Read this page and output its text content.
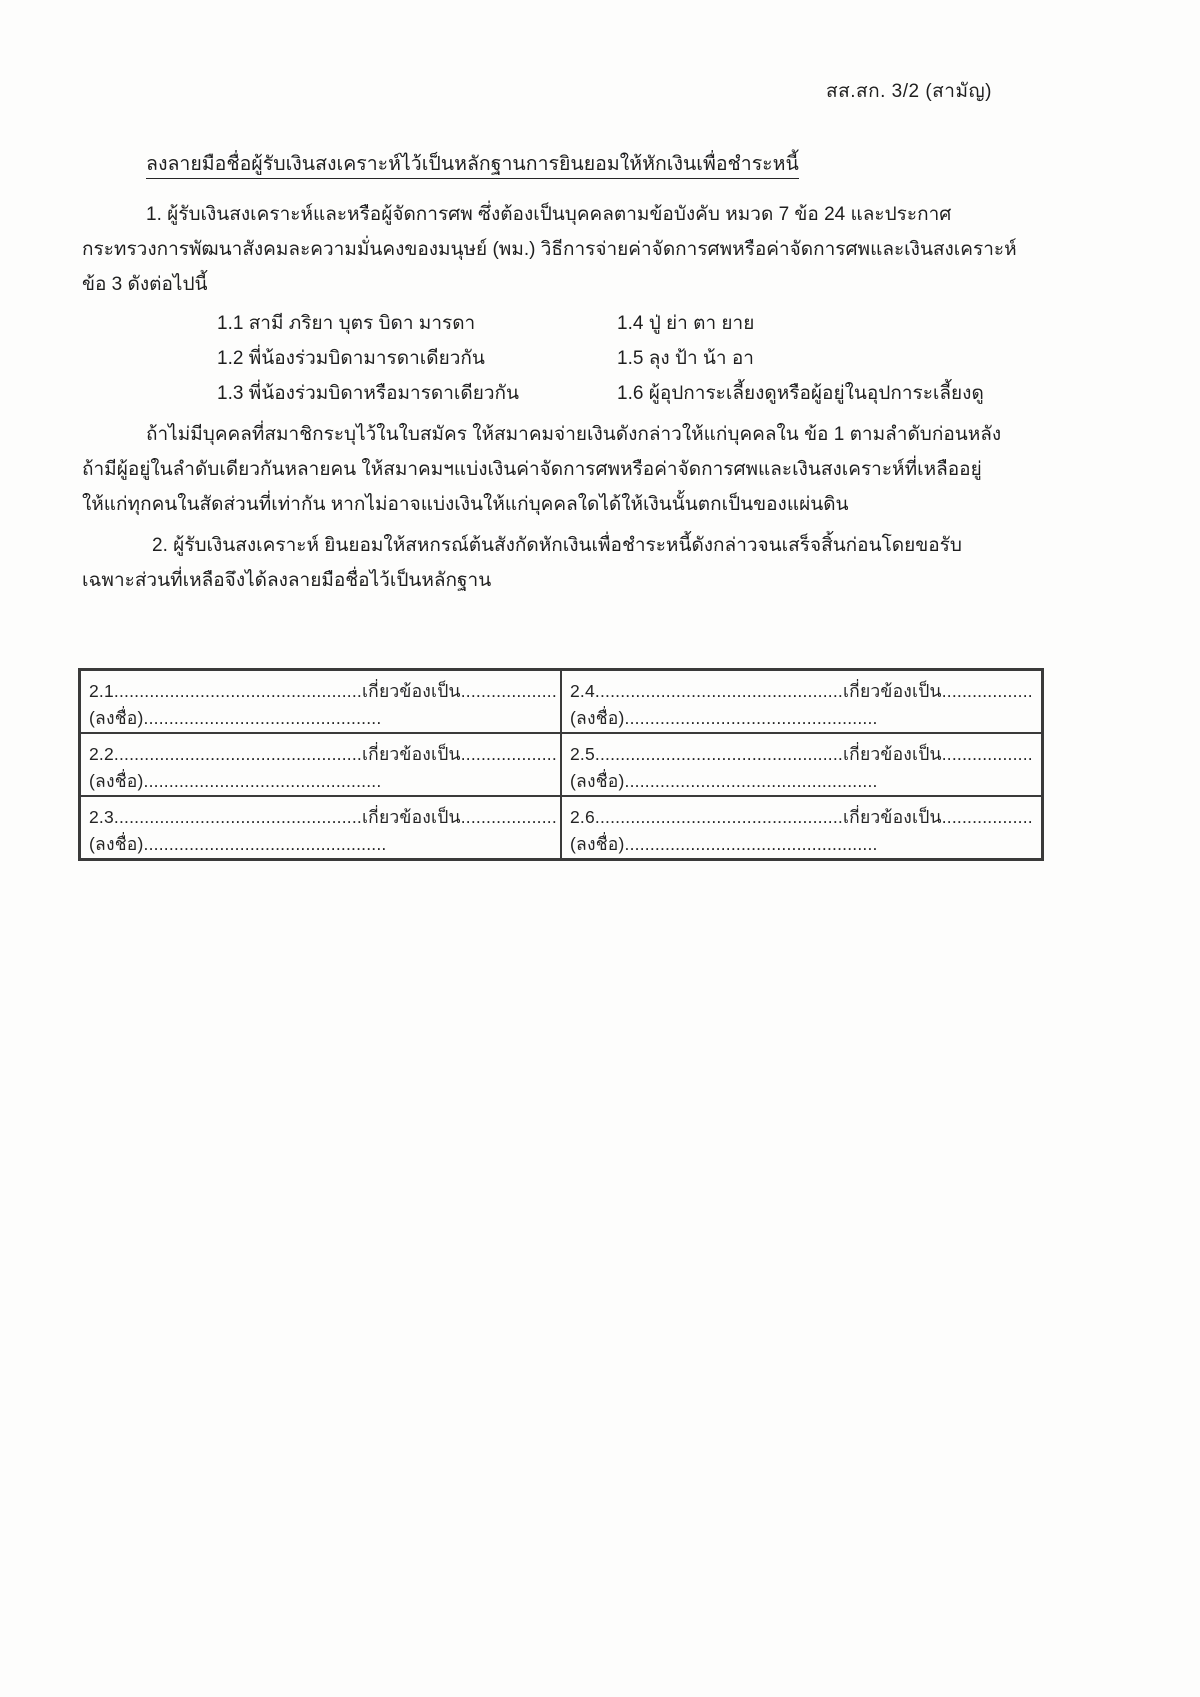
สส.สก. 3/2 (สามัญ)
ลงลายมือชื่อผู้รับเงินสงเคราะห์ไว้เป็นหลักฐานการยินยอมให้หักเงินเพื่อชำระหนี้
1. ผู้รับเงินสงเคราะห์และหรือผู้จัดการศพ ซึ่งต้องเป็นบุคคลตามข้อบังคับ หมวด 7 ข้อ 24 และประกาศ
กระทรวงการพัฒนาสังคมละความมั่นคงของมนุษย์ (พม.) วิธีการจ่ายค่าจัดการศพหรือค่าจัดการศพและเงินสงเคราะห์
ข้อ 3 ดังต่อไปนี้
1.1 สามี ภริยา บุตร บิดา มารดา	1.4 ปู่ ย่า ตา ยาย
1.2 พี่น้องร่วมบิดามารดาเดียวกัน	1.5 ลุง ป้า น้า อา
1.3 พี่น้องร่วมบิดาหรือมารดาเดียวกัน	1.6 ผู้อุปการะเลี้ยงดูหรือผู้อยู่ในอุปการะเลี้ยงดู
ถ้าไม่มีบุคคลที่สมาชิกระบุไว้ในใบสมัคร ให้สมาคมจ่ายเงินดังกล่าวให้แก่บุคคลใน ข้อ 1 ตามลำดับก่อนหลัง
ถ้ามีผู้อยู่ในลำดับเดียวกันหลายคน ให้สมาคมฯแบ่งเงินค่าจัดการศพหรือค่าจัดการศพและเงินสงเคราะห์ที่เหลืออยู่
ให้แก่ทุกคนในสัดส่วนที่เท่ากัน หากไม่อาจแบ่งเงินให้แก่บุคคลใดได้ให้เงินนั้นตกเป็นของแผ่นดิน
2. ผู้รับเงินสงเคราะห์ ยินยอมให้สหกรณ์ต้นสังกัดหักเงินเพื่อชำระหนี้ดังกล่าวจนเสร็จสิ้นก่อนโดยขอรับ
เฉพาะส่วนที่เหลือจึงได้ลงลายมือชื่อไว้เป็นหลักฐาน
2.1.................................................เกี่ยวข้องเป็น...................
(ลงชื่อ)...............................................
2.4.................................................เกี่ยวข้องเป็น..................
(ลงชื่อ)..................................................
2.2.................................................เกี่ยวข้องเป็น...................
(ลงชื่อ)...............................................
2.5.................................................เกี่ยวข้องเป็น..................
(ลงชื่อ)..................................................
2.3.................................................เกี่ยวข้องเป็น...................
(ลงชื่อ)................................................
2.6.................................................เกี่ยวข้องเป็น..................
(ลงชื่อ)..................................................
